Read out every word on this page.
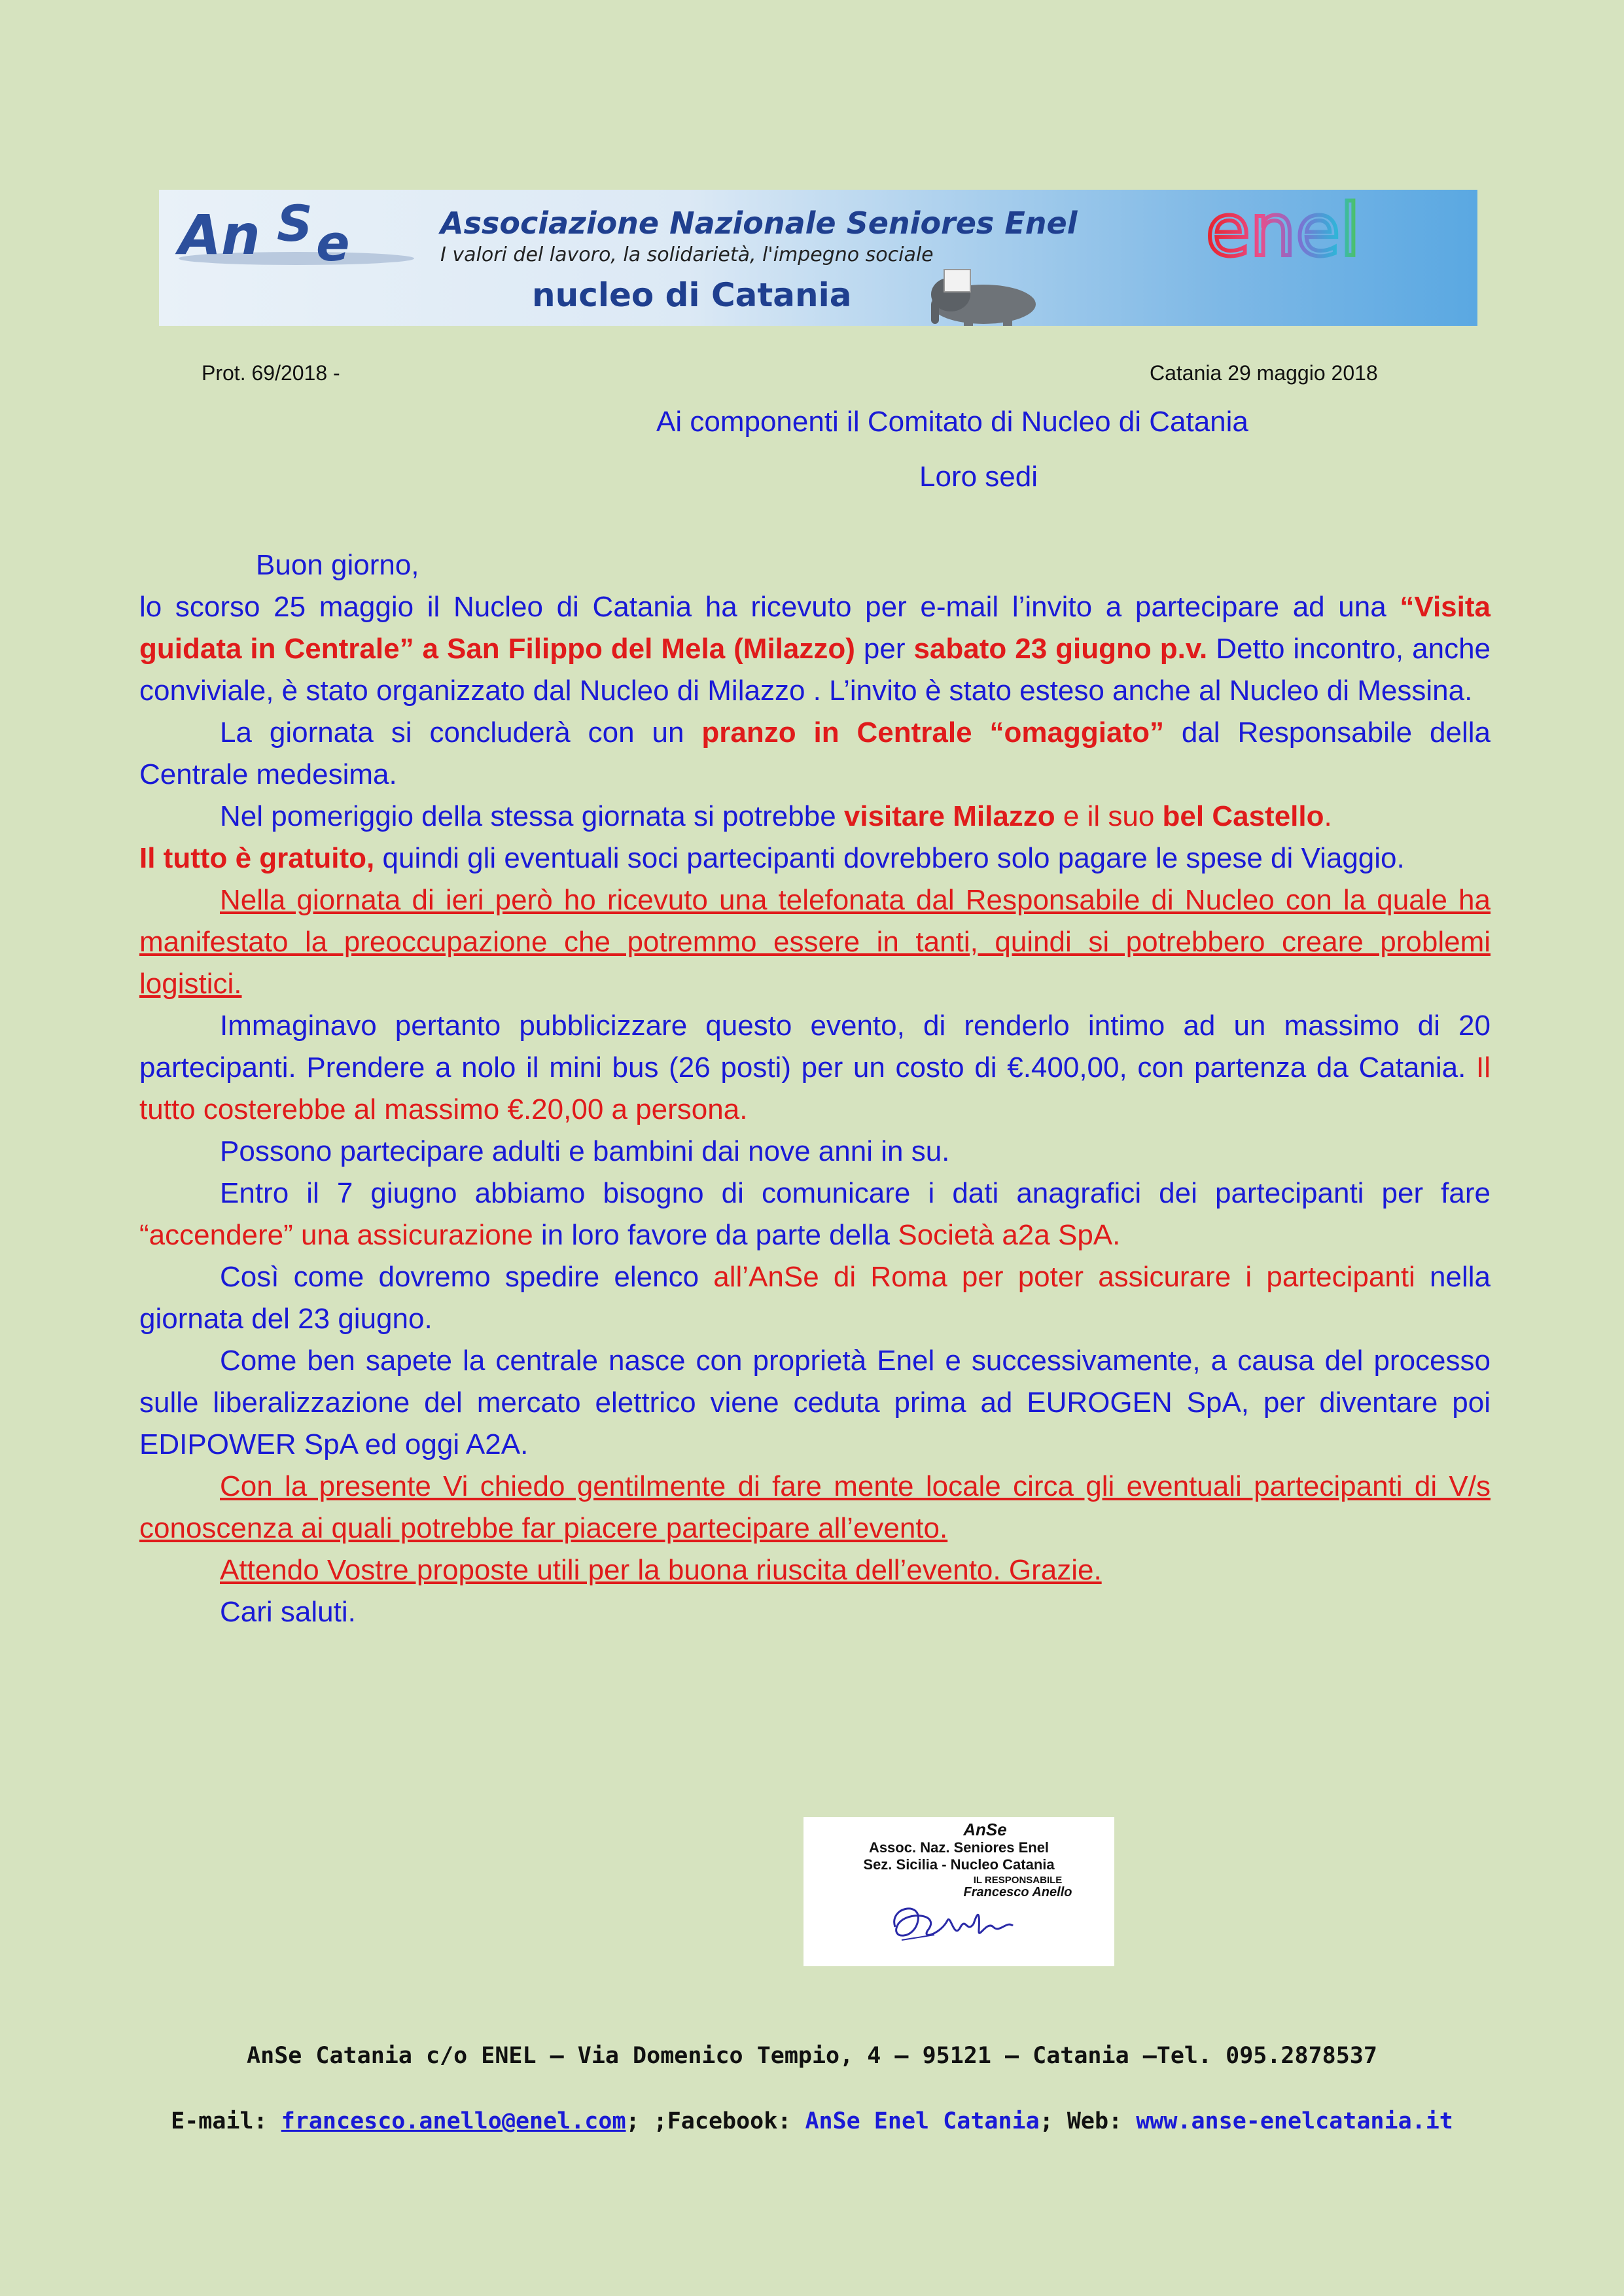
An S e	Associazione Nazionale Seniores Enel
I valori del lavoro, la solidarietà, l'impegno sociale
nucleo di Catania
enel
Prot. 69/2018 -	Catania 29 maggio 2018
Ai componenti il Comitato di Nucleo di Catania
Loro sedi

Buon giorno,

lo scorso 25 maggio il Nucleo di Catania ha ricevuto per e-mail l’invito a partecipare ad una “Visita guidata in Centrale” a San Filippo del Mela (Milazzo) per sabato 23 giugno p.v. Detto incontro, anche conviviale, è stato organizzato dal Nucleo di Milazzo . L’invito è stato esteso anche al Nucleo di Messina.

La giornata si concluderà con un pranzo in Centrale “omaggiato” dal Responsabile della Centrale medesima.

Nel pomeriggio della stessa giornata si potrebbe visitare Milazzo e il suo bel Castello.

Il tutto è gratuito, quindi gli eventuali soci partecipanti dovrebbero solo pagare le spese di Viaggio.

Nella giornata di ieri però ho ricevuto una telefonata dal Responsabile di Nucleo con la quale ha manifestato la preoccupazione che potremmo essere in tanti, quindi si potrebbero creare problemi logistici.

Immaginavo pertanto pubblicizzare questo evento, di renderlo intimo ad un massimo di 20 partecipanti. Prendere a nolo il mini bus (26 posti) per un costo di €.400,00, con partenza da Catania. Il tutto costerebbe al massimo €.20,00 a persona.

Possono partecipare adulti e bambini dai nove anni in su.

Entro il 7 giugno abbiamo bisogno di comunicare i dati anagrafici dei partecipanti per fare “accendere” una assicurazione in loro favore da parte della Società a2a SpA.

Così come dovremo spedire elenco all’AnSe di Roma per poter assicurare i partecipanti nella giornata del 23 giugno.

Come ben sapete la centrale nasce con proprietà Enel e successivamente, a causa del processo sulle liberalizzazione del mercato elettrico viene ceduta prima ad EUROGEN SpA, per diventare poi EDIPOWER SpA ed oggi A2A.

Con la presente Vi chiedo gentilmente di fare mente locale circa gli eventuali partecipanti di V/s conoscenza ai quali potrebbe far piacere partecipare all’evento.

Attendo Vostre proposte utili per la buona riuscita dell’evento. Grazie.

Cari saluti.

AnSe
Assoc. Naz. Seniores Enel
Sez. Sicilia - Nucleo Catania
IL RESPONSABILE
Francesco Anello
AnSe Catania c/o ENEL – Via Domenico Tempio, 4 – 95121 – Catania –Tel. 095.2878537
E-mail: francesco.anello@enel.com; ;Facebook: AnSe Enel Catania; Web: www.anse-enelcatania.it
